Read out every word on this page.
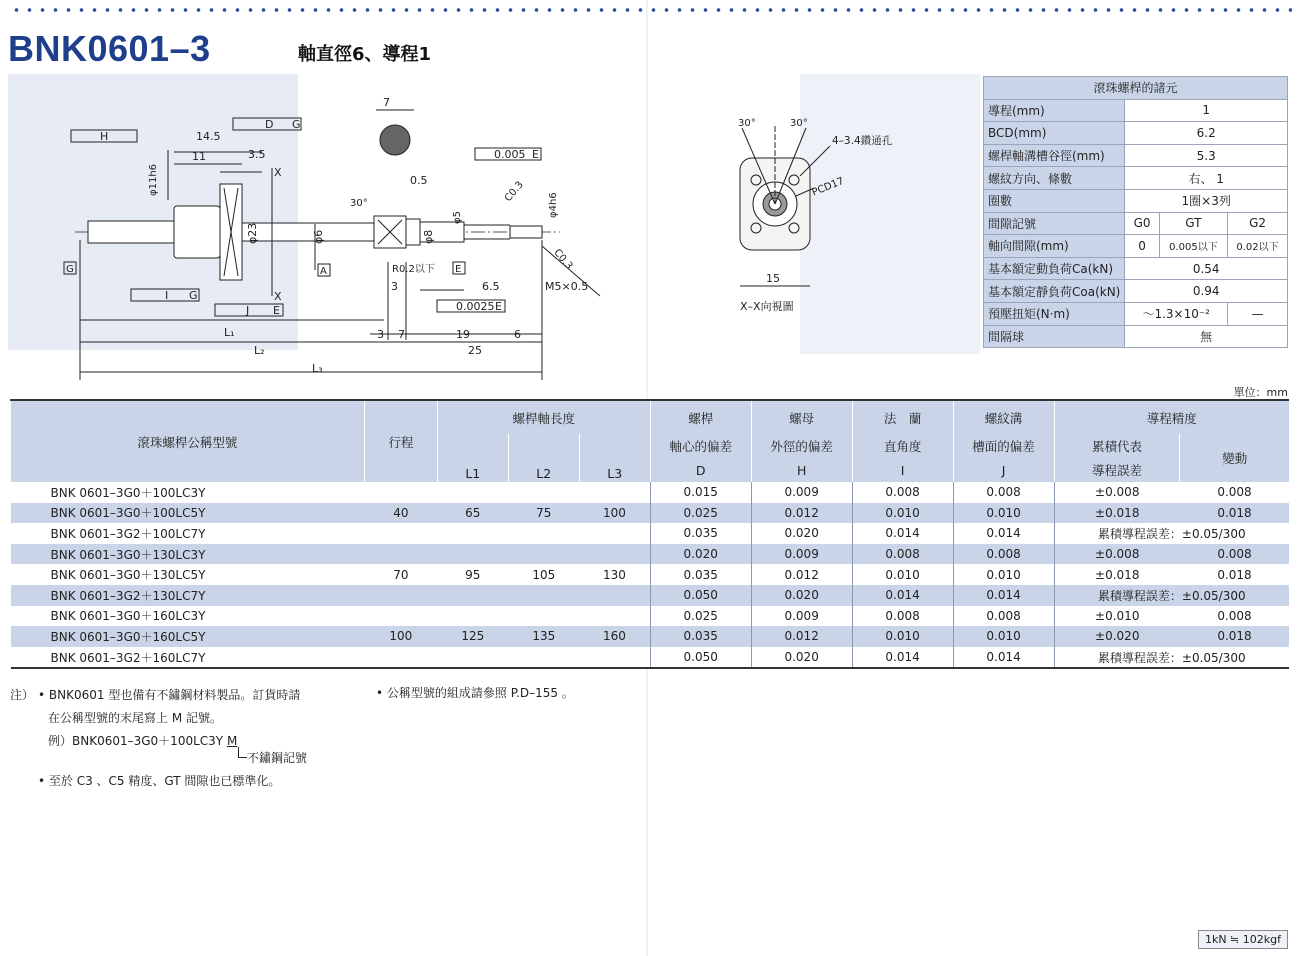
BNK0601–3	軸直徑6、導程1
H
D G
0.005 E
I G
J E	0.0025 E
14.5
11	3.5
7
0.5
30°
φ6	φ8
φ23
φ5	φ4h6
φ11h6	C0.3
C0.3
R0.2以下
3	6.5	M5×0.5
3 7	19	6
25
L₁
L₂
L₃
X
X
G	A	E
30°	30°
4–3.4鑽通孔
PCD17
15
X–X向視圖
滾珠螺桿的諸元			
導程(mm)	1		
BCD(mm)	6.2		
螺桿軸溝槽谷徑(mm)	5.3		
螺紋方向、條數	右、 1		
圈數	1圈×3列		
間隙記號	G0	GT	G2
軸向間隙(mm)	0	0.005以下	0.02以下
基本額定動負荷Ca(kN)	0.54		
基本額定靜負荷Coa(kN)	0.94		
預壓扭矩(N·m)	～1.3×10⁻²		—
間隔球	無		
單位：mm
滾珠螺桿公稱型號	行程	螺桿軸長度			螺桿	螺母	法　蘭	螺紋溝	導程精度	
		L1	L2	L3	軸心的偏差	外徑的偏差	直角度	槽面的偏差	累積代表	變動
					D	H	I	J	導程誤差	
BNK 0601–3G0＋100LC3Y					0.015	0.009	0.008	0.008	±0.008	0.008
BNK 0601–3G0＋100LC5Y	40	65	75	100	0.025	0.012	0.010	0.010	±0.018	0.018
BNK 0601–3G2＋100LC7Y					0.035	0.020	0.014	0.014	累積導程誤差：±0.05/300	
BNK 0601–3G0＋130LC3Y					0.020	0.009	0.008	0.008	±0.008	0.008
BNK 0601–3G0＋130LC5Y	70	95	105	130	0.035	0.012	0.010	0.010	±0.018	0.018
BNK 0601–3G2＋130LC7Y					0.050	0.020	0.014	0.014	累積導程誤差：±0.05/300	
BNK 0601–3G0＋160LC3Y					0.025	0.009	0.008	0.008	±0.010	0.008
BNK 0601–3G0＋160LC5Y	100	125	135	160	0.035	0.012	0.010	0.010	±0.020	0.018
BNK 0601–3G2＋160LC7Y					0.050	0.020	0.014	0.014	累積導程誤差：±0.05/300	
注） • BNK0601 型也備有不鏽鋼材料製品。訂貨時請
在公稱型號的末尾寫上 M 記號。
例）BNK0601–3G0＋100LC3Y M
不鏽鋼記號
• 至於 C3 、C5 精度、GT 間隙也已標準化。
• 公稱型號的組成請參照 P.D–155 。
1kN ≒ 102kgf
